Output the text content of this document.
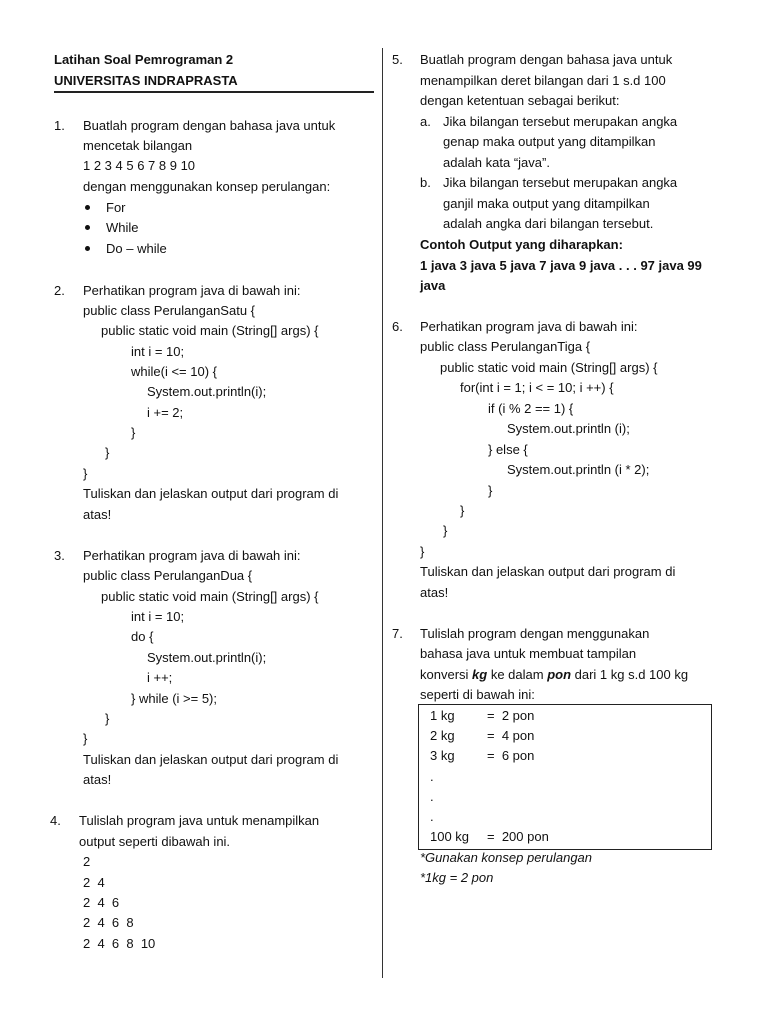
Latihan Soal Pemrograman 2
UNIVERSITAS INDRAPRASTA
1. Buatlah program dengan bahasa java untuk
mencetak bilangan
1 2 3 4 5 6 7 8 9 10
dengan menggunakan konsep perulangan:
For
While
Do – while
2. Perhatikan program java di bawah ini:
public class PerulanganSatu {
public static void main (String[] args) {
int i = 10;
while(i <= 10) {
System.out.println(i);
i += 2;
}
}
}
Tuliskan dan jelaskan output dari program di
atas!
3. Perhatikan program java di bawah ini:
public class PerulanganDua {
public static void main (String[] args) {
int i = 10;
do {
System.out.println(i);
i ++;
} while (i >= 5);
}
}
Tuliskan dan jelaskan output dari program di
atas!
4. Tulislah program java untuk menampilkan
output seperti dibawah ini.
2
2  4
2  4  6
2  4  6  8
2  4  6  8  10
5. Buatlah program dengan bahasa java untuk
menampilkan deret bilangan dari 1 s.d 100
dengan ketentuan sebagai berikut:
a. Jika bilangan tersebut merupakan angka
genap maka output yang ditampilkan
adalah kata “java”.
b. Jika bilangan tersebut merupakan angka
ganjil maka output yang ditampilkan
adalah angka dari bilangan tersebut.
Contoh Output yang diharapkan:
1 java 3 java 5 java 7 java 9 java . . . 97 java 99
java
6. Perhatikan program java di bawah ini:
public class PerulanganTiga {
public static void main (String[] args) {
for(int i = 1; i < = 10; i ++) {
if (i % 2 == 1) {
System.out.println (i);
} else {
System.out.println (i * 2);
}
}
}
}
Tuliskan dan jelaskan output dari program di
atas!
7. Tulislah program dengan menggunakan
bahasa java untuk membuat tampilan
konversi kg ke dalam pon dari 1 kg s.d 100 kg
seperti di bawah ini:
1 kg =  2 pon
2 kg =  4 pon
3 kg =  6 pon
.
.
.
100 kg =  200 pon
*Gunakan konsep perulangan
*1kg = 2 pon
